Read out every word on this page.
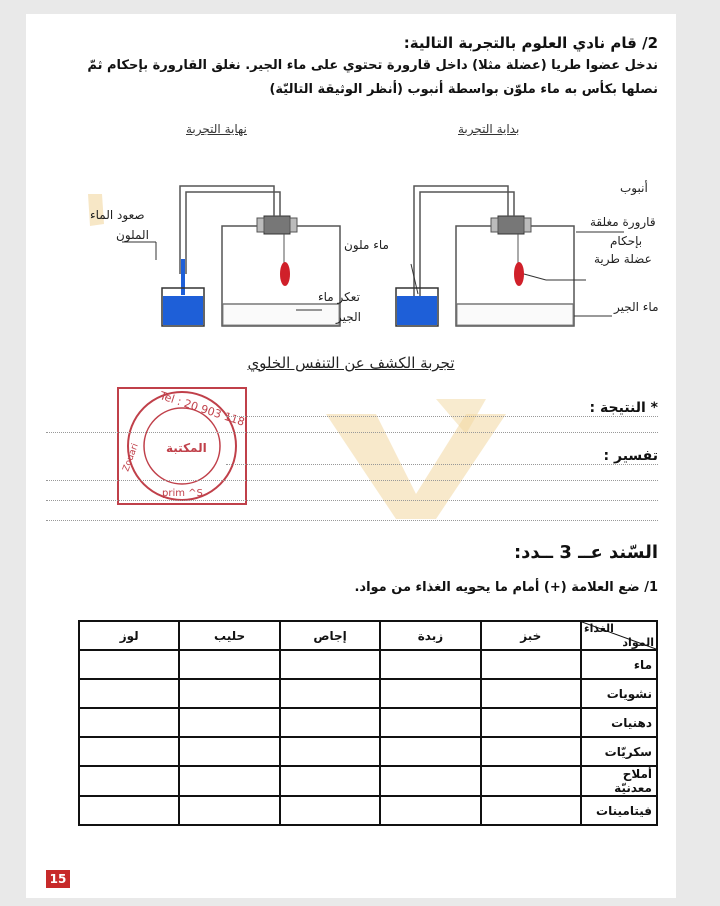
2/ قام نادي العلوم بالتجربة التالية:
ندخل عضوا طريا (عضلة مثلا) داخل قارورة تحتوي على ماء الجير. نغلق القارورة بإحكام ثمّ
نصلها بكأس به ماء ملوّن بواسطة أنبوب (أنظر الوثيقة التاليّة)
بداية التجربة
نهاية التجربة
أنبوب
قارورة مغلقة
بإحكام
عضلة طرية
ماء الجير
ماء ملون
تعكر ماء
الجير
صعود الماء
الملون
تجربة الكشف عن التنفس الخلوي
Tel : 20 903 118
المكتبة
Zouari
prim ^S
* النتيجة :
تفسير :
السّند عــ 3 ــدد:
1/ ضع العلامة (+) أمام ما يحويه الغذاء من مواد.
الغذاء
المواد	خبز	زبدة	إجاص	حليب	لوز
ماء					
نشويات					
دهنيات					
سكريّات					
أملاح معدنيّة					
فيتامينات					
15
